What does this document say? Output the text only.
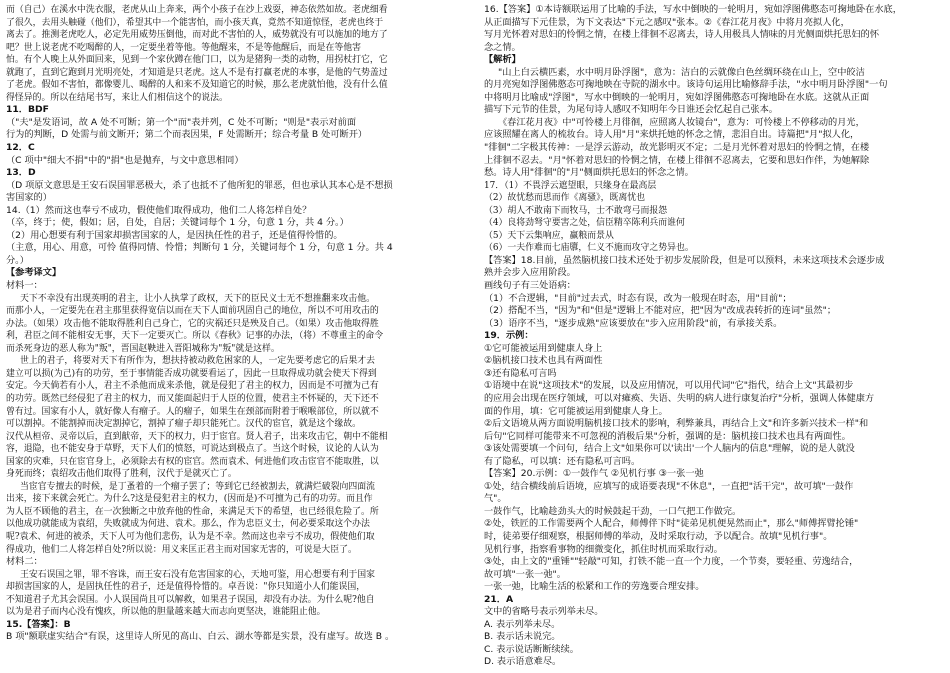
而（自己）在溪水中洗衣服，老虎从山上奔来，两个小孩子在沙上戏耍，神态依然如故。老虎细看
了很久，去用头触碰（他们），希望其中一个能害怕，而小孩天真，竟然不知道惊怪，老虎也终于
离去了。推测老虎吃人，必定先用威势压倒他，而对此不害怕的人，威势就没有可以施加的地方了
吧？世上说老虎不吃喝醉的人，一定要坐着等他。等他醒来，不是等他醒后，而是在等他害
怕。有个人晚上从外面回来，见到一个家伙蹲在他门口，以为是猪狗一类的动物，用拐杖打它，它
就跑了，直到它跑到月光明亮处，才知道是只老虎。这人不是有打赢老虎的本事，是他的气势盖过
了老虎。假如不害怕，都像婴儿、喝醉的人和来不及知道它的时候，那么老虎就怕他，没有什么值
得怪异的。所以在结尾书写，来让人们相信这个的说法。
11．BDF
（"夫"是发语词，故 A 处不可断；第一个"而"表并列，C 处不可断；"则是"表示对前面
行为的判断，D 处需与前文断开；第二个而表因果，F 处需断开；综合考量 B 处可断开）
12．C
（C 项中"细大不捐"中的"捐"也是抛弃，与文中意思相同）
13．D
（D 项原文意思是王安石误国罪恶极大，杀了也抵不了他所犯的罪恶，但也承认其本心是不想损
害国家的）
14.（1）然而这也奉亏不成功，假使他们取得成功，他们二人将怎样自处？
（卒，终于；使，假如；居，自处，自居；关键词每个 1 分，句意 1 分，共 4 分。）
（2）用心想要有利于国家却损害国家的人，是因执任性的君子，还是值得怜惜的。
（主意，用心、用意，可怜 值得同情、怜惜；判断句 1 分，关键词每个 1 分，句意 1 分。共 4
分。）
【参考译文】
材料一：
天下不幸没有出现英明的君主，让小人执掌了政权，天下的臣民义士无不想推翻来攻击他。
而那小人，一定要先在君主那里获得宽信以而在天下人面前巩固自己的地位，所以不可用攻击的
办法。（如果）攻击他不能取得胜利自己身亡，它的灾祸还只是殃及自己。（如果）攻击他取得胜
利，君臣之间不能相安无事，天下一定要灭亡。所以《春秋》记事的办法，（将）不尊重主的命令
而杀死身边的恶人称为"叛"，晋国赵鞅进入晋阳城称为"叛"就是这样。
世上的君子，将要对天下有所作为，想扶持被动救危困家的人，一定先要考虑它的后果才去
建立可以损(为己)有的功劳，至于事情能否成功就要看运了，因此一旦取得成功就会使天下得到
安定。今天倘若有小人，君主不杀他而成来杀他，就是侵犯了君主的权力，因而是不可擅为己有
的功劳。既然已经侵犯了君主的权力，而又能面起归于人臣的位置，使君主不怀疑的，天下还不
曾有过。国家有小人，就好像人有瘤子。人的瘤子，如果生在颈部而附着于喉喉部位，所以就不
可以割掉。不能割掉而决定割掉它，割掉了瘤子却只能死亡。汉代的宦官，就是这个缘故。
汉代从桓帝、灵帝以后，直到献帝，天下的权力，归于宦官。贤人君子，出来攻击它，朝中不能相
容，退隐，也不能安身于草野，天下人们的愤怒，可说达到极点了。当这个时候，议论的人认为
国家的灾难，只在宦官身上，必须除去有权的宦官。然而袁术、何进他们攻击宦官不能取胜，以
身死而终；袁绍攻击他们取得了胜利，汉代于是就灭亡了。
当宦官专擅去的时候，是丁蚤着的一个瘤子罢了；等到它已经被割去，就满烂破裂向四面流
出来，接下来就会死亡。为什么?这是侵犯君主的权力，(因而是)不可擅为己有的功劳。而且作
为人臣不顾他的君主，在一次独断之中放弃他的性命，来满足天下的希望，也已经很危险了。所
以他成功就能成为袁绍，失败就成为何进、袁术。那么，作为忠臣义士，何必要采取这个办法
呢?袁术、何进的被杀，天下人可为他们悲伤，认为是不幸。然而这也幸亏不成功，假使他们取
得成功，他们二人将怎样自处?所以说：用义来匡正君主而对国家无害的，可说是大臣了。
材料二：
王安石误国之罪，罪不容诛，而王安石没有危害国家的心，天地可鉴，用心想要有利于国家
却损害国家的人，是固执任性的君子，还是值得怜惜的。卓吾说："你只知道小人们能误国，
不知道君子尤其会误国。小人误国尚且可以解救，如果君子误国，却没有办法。为什么呢?他自
以为是君子而内心没有愧疚，所以他的胆量越来越大而志向更坚决，谁能阻止他。
15.【答案】：B
B 项"额联虚实结合"有误，这里诗人所见的高山、白云、湖水等都是实景，没有虚写。故选 B 。
16.【答案】①本诗额联运用了比喻的手法，写水中倒映的一轮明月，宛如浮图佛憨态可掬地卧在水底，
从正面描写下元佳景，为下文表达"下元之感叹"张本。②《春江花月夜》中将月亮拟人化，
写月光怀着对思妇的怜惘之情，在楼上徘徊不忍离去，诗人用极具人情味的月光侧面烘托思妇的怀
念之情。
【解析】
"山上白云横匹素，水中明月卧浮图"，意为：洁白的云就像白色丝绸环绕在山上，空中皎洁
的月亮宛如浮图佛憨态可掬地映在寺院的湖水中。该诗句运用比喻修辞手法，"水中明月卧浮图"一句
中将明月比喻成"浮图"，写水中倒映的一轮明月，宛如浮图佛憨态可掬地卧在水底。这就从正面
描写下元节的佳景，为尾句诗人感叹不知明年今日谁还会忆起自己张本。
《春江花月夜》中"可怜楼上月徘徊，应照离人妆镜台"，意为：可怜楼上不停移动的月光，
应该照耀在离人的梳妆台。诗人用"月"来烘托她的怀念之情，悲泪自出。诗篇把"月"拟人化，
"徘徊"二字极其传神：一是浮云游动，故光影明灭不定；二是月光怀着对思妇的怜惘之情，在楼
上徘徊不忍去。"月"怀着对思妇的怜惘之情，在楼上徘徊不忍离去，它要和思妇作伴，为她解除
愁。诗人用"徘徊"的"月"侧面烘托思妇的怀念之情。
17．（1）不畏浮云遮望眼，只缘身在最高层
（2）故忧愁而思而作《离骚》，既离忧也
（3）胡人不敢南下而牧马，士不敢弯弓而报怨
（4）良将劲弩守要害之处，信臣精卒陈利兵而谁何
（5）天下云集响应，赢粮而景从
（6）一夫作难而七庙隳，仁义不施而攻守之势异也。
【答案】18.目前，虽然脑机接口技术还处于初步发展阶段，但是可以预料，未来这项技术会逐步成
熟并会步入应用阶段。
画线句子有三处语病：
（1）不合逻辑，"目前"过去式，时态有误，改为一般现在时态，用"目前"；
（2）搭配不当，"因为"和"但是"逻辑上不能对应，把"因为"改成表转折的连词"虽然"；
（3）语序不当，"逐步成熟"应该要放在"步入应用阶段"前，有承接关系。
19．示例：
①它可能被运用到健康人身上
②脑机接口技术也具有两面性
③还有隐私可言吗
①语境中在说"这项技术"的发展，以及应用情况，可以用代词"它"指代，结合上文"其最初步
的应用会出现在医疗领域，可以对瘫痪、失语、失明的病人进行康复治疗"分析，强调人体健康方
面的作用，填：它可能被运用到健康人身上。
②后文语境从两方面说明脑机接口技术的影响，利弊兼具，再结合上文"和许多新兴技术一样"和
后句"它同样可能带来不可忽视的消极后果"分析，强调的是：脑机接口技术也具有两面性。
③该处需要填一个问句，结合上文"如果你可以'读出'一个人脑内的信息"理解，说的是人就没
有了隐私，可以填：还有隐私可言吗。
【答案】20.示例：①一鼓作气 ②见机行事 ③一张一弛
①处，结合横线前后语境，应填写的成语要表现"不休息"，一直把"活干完"，故可填"一鼓作
气"。
一鼓作气，比喻趁劲头大的时候鼓起干劲，一口气把工作做完。
②处，铁匠的工作需要两个人配合，师傅伴下时"徒弟见机便晃然而止"，那么"师傅挥臂抡锤"
时，徒弟要仔细观察，根据师傅的举动，及时采取行动，予以配合。故填"见机行事"。
见机行事，指察看事物的细微变化，抓住时机而采取行动。
③处，由上文的"重锤""轻敲"可知，打铁不能一直一个力度，一个节奏，要轻重、劳逸结合，
故可填"一张一弛"。
一张一弛，比喻生活的松紧和工作的劳逸要合理安排。
21．A
文中的省略号表示列举未尽。
A. 表示列举未尽。
B. 表示话未说完。
C. 表示说话断断续续。
D. 表示语意难尽。
